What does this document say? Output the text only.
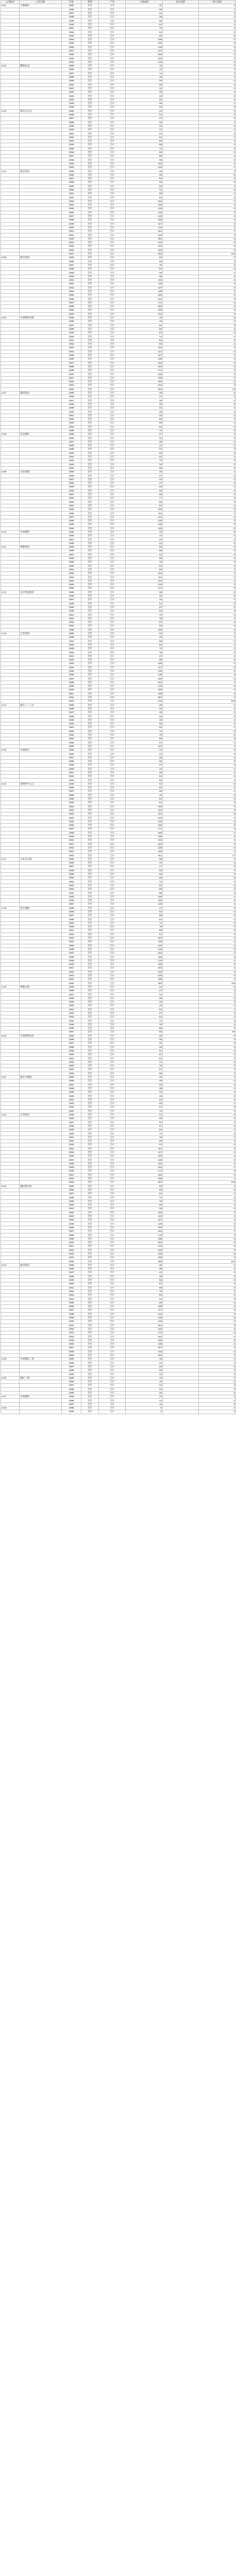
公司编号	公司名称	年度	季别	户名	土地面积	出让面积	转让面积
2-01	丰城福旺	1985	全年	合计	31		0
		1986	全年	合计	35		0
		1987	全年	合计	42		0
		1988	全年	合计	48		0
		1989	全年	合计	56		0
		1990	全年	合计	61		0
		1991	全年	合计	70		0
		1992	全年	合计	84		0
		1993	全年	合计	96		0
		1994	全年	合计	108		5
		1995	全年	合计	120		0
		1996	全年	合计	130		0
		1997	全年	合计	141		0
		1998	全年	合计	155		0
		1999	全年	合计	168		0
		2000	全年	合计	175		0
2-02	精新化成	1985	全年	合计	10		0
		1986	全年	合计	12		0
		1987	全年	合计	14		0
		1988	全年	合计	18		0
		1989	全年	合计	20		0
		1990	全年	合计	25		0
		1991	全年	合计	31		0
		1992	全年	合计	38		0
		1993	全年	合计	43		0
		1994	全年	合计	52		0
		1995	全年	合计	58		0
		1996	全年	合计	63		0
2-03	康贝尔公司	1985	全年	合计	22		0
		1986	全年	合计	24		0
		1987	全年	合计	27		0
		1988	全年	合计	30		0
		1989	全年	合计	33		0
		1990	全年	合计	37		0
		1991	全年	合计	44		0
		1992	全年	合计	51		0
		1993	全年	合计	60		0
		1994	全年	合计	68		0
		1995	全年	合计	74		0
		1996	全年	合计	80		0
		1997	全年	合计	88		0
		1998	全年	合计	95		0
		1999	全年	合计	103		0
		2000	全年	合计	110		0
2-04	港宝集团	1985	全年	合计	45		0
		1986	全年	合计	49		0
		1987	全年	合计	53		0
		1988	全年	合计	60		0
		1989	全年	合计	66		0
		1990	全年	合计	72		0
		1991	全年	合计	80		0
		1992	全年	合计	91		0
		1993	全年	合计	102		0
		1994	全年	合计	118		0
		1995	全年	合计	126		0
		1996	全年	合计	135		0
		1997	全年	合计	146		0
		1998	全年	合计	158		0
		1999	全年	合计	167		0
		2000	全年	合计	173		0
		2001	全年	合计	181		0
		2002	全年	合计	190		0
		2003	全年	合计	201		0
		2004	全年	合计	215		0
		2005	全年	合计	226		0
		2006	全年	合计	240		0
		2007	全年	合计	262		144
2-05	港宝集团	1985	全年	合计	62		0
		1986	全年	合计	68		0
		1987	全年	合计	75		0
		1988	全年	合计	82		0
		1989	全年	合计	90		0
		1990	全年	合计	98		0
		1991	全年	合计	110		0
		1992	全年	合计	118		0
		1993	全年	合计	127		0
		1994	全年	合计	139		0
		1995	全年	合计	150		0
		1996	全年	合计	162		0
		1997	全年	合计	171		0
		1998	全年	合计	183		0
		1999	全年	合计	195		0
		2000	全年	合计	210		0
2-06	中南钢铁有限	1985	全年	合计	40		0
		1986	全年	合计	45		0
		1987	全年	合计	51		0
		1988	全年	合计	58		0
		1989	全年	合计	64		0
		1990	全年	合计	72		0
		1991	全年	合计	81		0
		1992	全年	合计	93		0
		1993	全年	合计	102		0
		1994	全年	合计	114		0
		1995	全年	合计	127		0
		1996	全年	合计	138		0
		1997	全年	合计	150		0
		1998	全年	合计	163		0
		1999	全年	合计	171		0
		2000	全年	合计	185		0
		2001	全年	合计	198		0
		2002	全年	合计	206		0
		2003	全年	合计	215		0
		2004	全年	合计	224		14
2-07	港纪股份	1985	全年	合计	18		0
		1986	全年	合计	21		0
		1987	全年	合计	25		0
		1988	全年	合计	30		0
		1989	全年	合计	34		0
		1990	全年	合计	39		0
		1991	全年	合计	45		0
		1992	全年	合计	52		0
		1993	全年	合计	58		0
		1994	全年	合计	64		0
		1995	全年	合计	71		0
2-08	亚龙钢铁	1985	全年	合计	27		0
		1986	全年	合计	31		0
		1987	全年	合计	36		0
		1988	全年	合计	41		0
		1989	全年	合计	47		0
		1990	全年	合计	53		0
		1991	全年	合计	61		0
		1992	全年	合计	70		0
		1993	全年	合计	78		0
		1994	全年	合计	86		0
2-09	山东海航	1985	全年	合计	33		0
		1986	全年	合计	37		0
		1987	全年	合计	42		0
		1988	全年	合计	47		0
		1989	全年	合计	53		0
		1990	全年	合计	60		0
		1991	全年	合计	68		0
		1992	全年	合计	77		0
		1993	全年	合计	85		0
		1994	全年	合计	94		0
		1995	全年	合计	103		0
		1996	全年	合计	112		0
		1997	全年	合计	121		0
		1998	全年	合计	130		0
		1999	全年	合计	138		0
		2000	全年	合计	145		0
2-10	中南钢铁	1985	全年	合计	15		0
		1986	全年	合计	17		0
		1987	全年	合计	20		0
		1988	全年	合计	24		0
2-11	粤港集团	1985	全年	合计	50		0
		1986	全年	合计	55		0
		1987	全年	合计	61		0
		1988	全年	合计	68		0
		1989	全年	合计	76		0
		1990	全年	合计	84		0
		1991	全年	合计	93		0
		1992	全年	合计	102		0
		1993	全年	合计	113		0
		1994	全年	合计	124		0
		1995	全年	合计	135		0
		1996	全年	合计	147		0
2-12	东方科技股份	1985	全年	合计	36		0
		1986	全年	合计	40		0
		1987	全年	合计	45		0
		1988	全年	合计	51		0
		1989	全年	合计	57		0
		1990	全年	合计	63		0
		1991	全年	合计	70		0
		1992	全年	合计	78		0
		1993	全年	合计	87		0
		1994	全年	合计	96		0
		1995	全年	合计	105		0
2-13	江苏集团	1985	全年	合计	44		0
		1986	全年	合计	49		0
		1987	全年	合计	55		0
		1988	全年	合计	62		0
		1989	全年	合计	70		0
		1990	全年	合计	78		0
		1991	全年	合计	87		0
		1992	全年	合计	96		0
		1993	全年	合计	106		0
		1994	全年	合计	117		0
		1995	全年	合计	128		0
		1996	全年	合计	139		0
		1997	全年	合计	150		0
		1998	全年	合计	162		0
		1999	全年	合计	175		0
		2000	全年	合计	186		0
		2001	全年	合计	198		0
		2002	全年	合计	207		0
		2003	全年	合计	215		126
2-14	港宝三三八凡	1985	全年	合计	29		0
		1986	全年	合计	33		0
		1987	全年	合计	38		0
		1988	全年	合计	43		0
		1989	全年	合计	49		0
		1990	全年	合计	55		0
		1991	全年	合计	62		0
		1992	全年	合计	70		0
		1993	全年	合计	79		0
		1994	全年	合计	88		0
		1995	全年	合计	97		0
		1996	全年	合计	107		0
2-15	中南港交	1985	全年	合计	21		0
		1986	全年	合计	24		0
		1987	全年	合计	28		0
		1988	全年	合计	32		0
		1989	全年	合计	37		0
		1990	全年	合计	42		0
		1991	全年	合计	48		0
		1992	全年	合计	54		0
		1993	全年	合计	60		0
2-16	深圳科学五五	1985	全年	合计	57		0
		1986	全年	合计	62		0
		1987	全年	合计	68		0
		1988	全年	合计	75		0
		1989	全年	合计	83		0
		1990	全年	合计	91		0
		1991	全年	合计	100		0
		1992	全年	合计	110		0
		1993	全年	合计	121		0
		1994	全年	合计	133		0
		1995	全年	合计	146		0
		1996	全年	合计	158		0
		1997	全年	合计	171		0
		1998	全年	合计	185		0
		1999	全年	合计	198		0
		2000	全年	合计	210		0
		2001	全年	合计	223		0
		2002	全年	合计	236		0
		2003	全年	合计	248		0
		2004	全年	合计	261		17
2-17	日本东方股	1985	全年	合计	38		0
		1986	全年	合计	42		0
		1987	全年	合计	47		0
		1988	全年	合计	53		0
		1989	全年	合计	59		0
		1990	全年	合计	66		0
		1991	全年	合计	73		0
		1992	全年	合计	81		0
		1993	全年	合计	90		0
		1994	全年	合计	99		0
		1995	全年	合计	109		0
		1996	全年	合计	119		0
		1997	全年	合计	129		0
2-18	星汇城图	1985	全年	合计	47		0
		1986	全年	合计	52		0
		1987	全年	合计	58		0
		1988	全年	合计	64		0
		1989	全年	合计	71		0
		1990	全年	合计	79		0
		1991	全年	合计	88		0
		1992	全年	合计	97		0
		1993	全年	合计	107		0
		1994	全年	合计	118		0
		1995	全年	合计	129		0
		1996	全年	合计	140		0
		1997	全年	合计	152		0
		1998	全年	合计	165		0
		1999	全年	合计	178		0
		2000	全年	合计	190		0
		2001	全年	合计	203		0
		2002	全年	合计	215		0
		2003	全年	合计	226		0
		2004	全年	合计	239		0
		2005	全年	合计	250		119
2-19	粤港东港	1985	全年	合计	24		0
		1986	全年	合计	27		0
		1987	全年	合计	31		0
		1988	全年	合计	35		0
		1989	全年	合计	40		0
		1990	全年	合计	45		0
		1991	全年	合计	51		0
		1992	全年	合计	57		0
		1993	全年	合计	64		0
		1994	全年	合计	71		0
		1995	全年	合计	78		0
		1996	全年	合计	85		0
		1997	全年	合计	92		52
2-20	中南钢铁发化	1985	全年	合计	31		0
		1986	全年	合计	35		0
		1987	全年	合计	40		0
		1988	全年	合计	45		0
		1989	全年	合计	51		0
		1990	全年	合计	57		0
		1991	全年	合计	64		0
		1992	全年	合计	71		0
		1993	全年	合计	79		0
		1994	全年	合计	87		0
		1995	全年	合计	95		0
2-21	港宝中钢股	1985	全年	合计	26		0
		1986	全年	合计	29		0
		1987	全年	合计	33		0
		1988	全年	合计	38		0
		1989	全年	合计	43		0
		1990	全年	合计	48		0
		1991	全年	合计	54		0
		1992	全年	合计	60		0
		1993	全年	合计	67		0
		1994	全年	合计	74		0
2-22	江苏股份	1985	全年	合计	41		0
		1986	全年	合计	46		0
		1987	全年	合计	51		0
		1988	全年	合计	57		0
		1989	全年	合计	64		0
		1990	全年	合计	71		0
		1991	全年	合计	79		0
		1992	全年	合计	88		0
		1993	全年	合计	97		0
		1994	全年	合计	107		0
		1995	全年	合计	117		0
		1996	全年	合计	128		0
		1997	全年	合计	139		0
		1998	全年	合计	150		0
		1999	全年	合计	162		0
		2000	全年	合计	173		0
		2001	全年	合计	185		0
		2002	全年	合计	196		0
		2003	全年	合计	207		128
2-23	港纪钢宝团	1985	全年	合计	53		0
		1986	全年	合计	58		0
		1987	全年	合计	64		0
		1988	全年	合计	71		0
		1989	全年	合计	78		0
		1990	全年	合计	86		0
		1991	全年	合计	95		0
		1992	全年	合计	105		0
		1993	全年	合计	116		0
		1994	全年	合计	127		0
		1995	全年	合计	139		0
		1996	全年	合计	150		0
		1997	全年	合计	162		0
		1998	全年	合计	175		0
		1999	全年	合计	188		0
		2000	全年	合计	201		0
		2001	全年	合计	213		0
		2002	全年	合计	225		0
		2003	全年	合计	236		0
		2004	全年	合计	248		0
		2005	全年	合计	259		132
2-24	港宝股份	1985	全年	合计	35		0
		1986	全年	合计	39		0
		1987	全年	合计	44		0
		1988	全年	合计	49		0
		1989	全年	合计	55		0
		1990	全年	合计	61		0
		1991	全年	合计	68		0
		1992	全年	合计	75		0
		1993	全年	合计	83		0
		1994	全年	合计	91		0
		1995	全年	合计	99		0
		1996	全年	合计	108		0
		1997	全年	合计	117		0
		1998	全年	合计	126		0
		1999	全年	合计	135		0
		2000	全年	合计	145		0
		2001	全年	合计	154		0
		2002	全年	合计	163		0
		2003	全年	合计	172		0
		2004	全年	合计	181		0
		2005	全年	合计	190		0
		2006	全年	合计	198		0
		2007	全年	合计	207		0
		2008	全年	合计	215		0
		2009	全年	合计	224		3
2-25	中南钢铁二股	1985	全年	合计	19		0
		1986	全年	合计	22		0
		1987	全年	合计	25		0
		1988	全年	合计	29		0
		1989	全年	合计	33		0
2-26	港纪二股	1985	全年	合计	16		0
		1986	全年	合计	18		0
		1987	全年	合计	21		0
		1988	全年	合计	24		0
		1989	全年	合计	28		0
2-27	中南钢铁	1985	全年	合计	12		0
		1986	全年	合计	14		0
		1987	全年	合计	16		0
2-28		1985	全年	合计	8		0
		1986	全年	合计	9		0
